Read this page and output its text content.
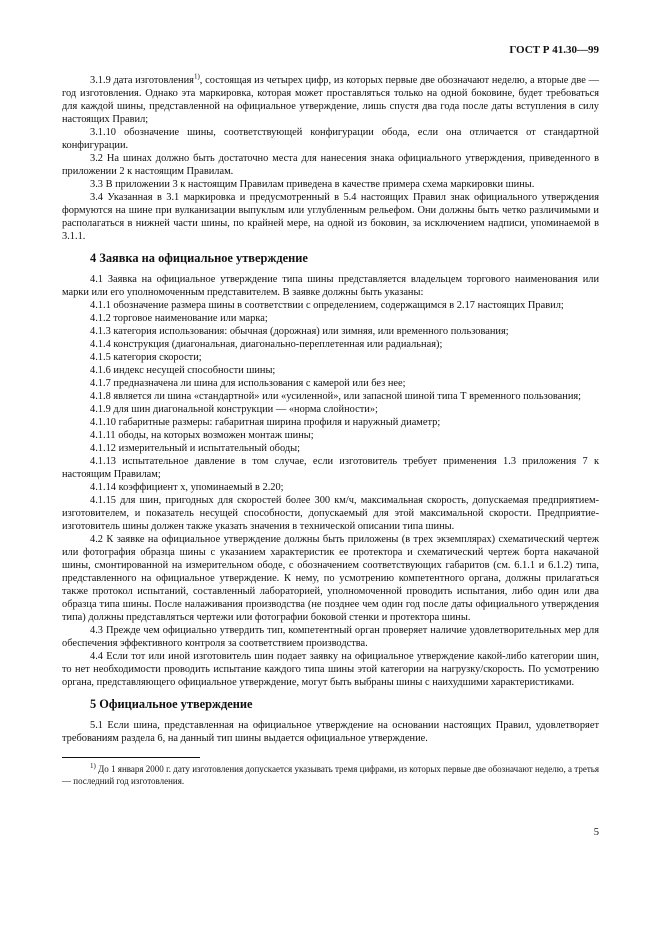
ГОСТ Р 41.30—99

3.1.9 дата изготовления$^{1)}$, состоящая из четырех цифр, из которых первые две обозначают неделю, а вторые две — год изготовления. Однако эта маркировка, которая может проставляться только на одной боковине, будет требоваться для каждой шины, представленной на официальное утверждение, лишь спустя два года после даты вступления в силу настоящих Правил;

3.1.10 обозначение шины, соответствующей конфигурации обода, если она отличается от стандартной конфигурации.

3.2 На шинах должно быть достаточно места для нанесения знака официального утверждения, приведенного в приложении 2 к настоящим Правилам.

3.3 В приложении 3 к настоящим Правилам приведена в качестве примера схема маркировки шины.

3.4 Указанная в 3.1 маркировка и предусмотренный в 5.4 настоящих Правил знак официального утверждения формуются на шине при вулканизации выпуклым или углубленным рельефом. Они должны быть четко различимыми и располагаться в нижней части шины, по крайней мере, на одной из боковин, за исключением надписи, упоминаемой в 3.1.1.

4 Заявка на официальное утверждение

4.1 Заявка на официальное утверждение типа шины представляется владельцем торгового наименования или марки или его уполномоченным представителем. В заявке должны быть указаны:

4.1.1 обозначение размера шины в соответствии с определением, содержащимся в 2.17 настоящих Правил;

4.1.2 торговое наименование или марка;

4.1.3 категория использования: обычная (дорожная) или зимняя, или временного пользования;

4.1.4 конструкция (диагональная, диагонально-переплетенная или радиальная);

4.1.5 категория скорости;

4.1.6 индекс несущей способности шины;

4.1.7 предназначена ли шина для использования с камерой или без нее;

4.1.8 является ли шина «стандартной» или «усиленной», или запасной шиной типа Т временного пользования;

4.1.9 для шин диагональной конструкции — «норма слойности»;

4.1.10 габаритные размеры: габаритная ширина профиля и наружный диаметр;

4.1.11 ободы, на которых возможен монтаж шины;

4.1.12 измерительный и испытательный ободы;

4.1.13 испытательное давление в том случае, если изготовитель требует применения 1.3 приложения 7 к настоящим Правилам;

4.1.14 коэффициент x, упоминаемый в 2.20;

4.1.15 для шин, пригодных для скоростей более 300 км/ч, максимальная скорость, допускаемая предприятием-изготовителем, и показатель несущей способности, допускаемый для этой максимальной скорости. Предприятие-изготовитель шины должен также указать значения в технической описании типа шины.

4.2 К заявке на официальное утверждение должны быть приложены (в трех экземплярах) схематический чертеж или фотография образца шины с указанием характеристик ее протектора и схематический чертеж борта накачаной шины, смонтированной на измерительном ободе, с обозначением соответствующих габаритов (см. 6.1.1 и 6.1.2) типа, представленного на официальное утверждение. К нему, по усмотрению компетентного органа, должны прилагаться также протокол испытаний, составленный лабораторией, уполномоченной проводить испытания, либо один или два образца типа шины. После налаживания производства (не позднее чем один год после даты официального утверждения типа) должны представляться чертежи или фотографии боковой стенки и протектора шины.

4.3 Прежде чем официально утвердить тип, компетентный орган проверяет наличие удовлетворительных мер для обеспечения эффективного контроля за соответствием производства.

4.4 Если тот или иной изготовитель шин подает заявку на официальное утверждение какой-либо категории шин, то нет необходимости проводить испытание каждого типа шины этой категории на нагрузку/скорость. По усмотрению органа, представляющего официальное утверждение, могут быть выбраны шины с наихудшими характеристиками.

5 Официальное утверждение

5.1 Если шина, представленная на официальное утверждение на основании настоящих Правил, удовлетворяет требованиям раздела 6, на данный тип шины выдается официальное утверждение.

$^{1)}$ До 1 января 2000 г. дату изготовления допускается указывать тремя цифрами, из которых первые две обозначают неделю, а третья — последний год изготовления.

5
